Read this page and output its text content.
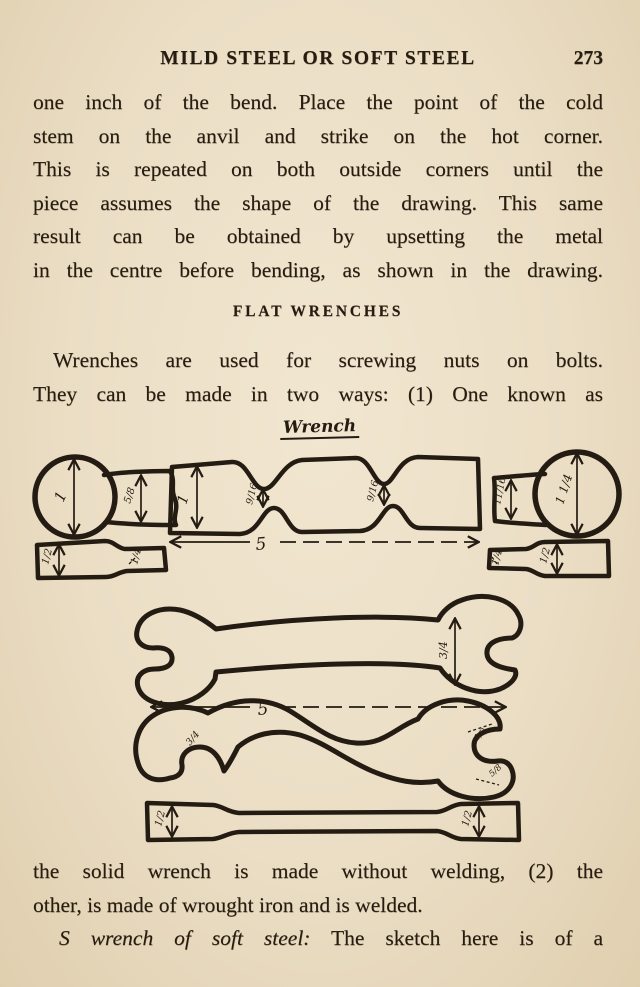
MILD STEEL OR SOFT STEEL	273
one inch of the bend. Place the point of the cold
stem on the anvil and strike on the hot corner.
This is repeated on both outside corners until the
piece assumes the shape of the drawing. This same
result can be obtained by upsetting the metal
in the centre before bending, as shown in the drawing.
FLAT WRENCHES
Wrenches are used for screwing nuts on bolts.
They can be made in two ways: (1) One known as
Wrench
1	5/8	1	9/16	9/16
5
11/16	1 1/4
1/2	1/4	1/4	1/2
3/4
5
3/4	1/2
5/8
1/2	1/2
the solid wrench is made without welding, (2) the
other, is made of wrought iron and is welded.
S wrench of soft steel: The sketch here is of a
